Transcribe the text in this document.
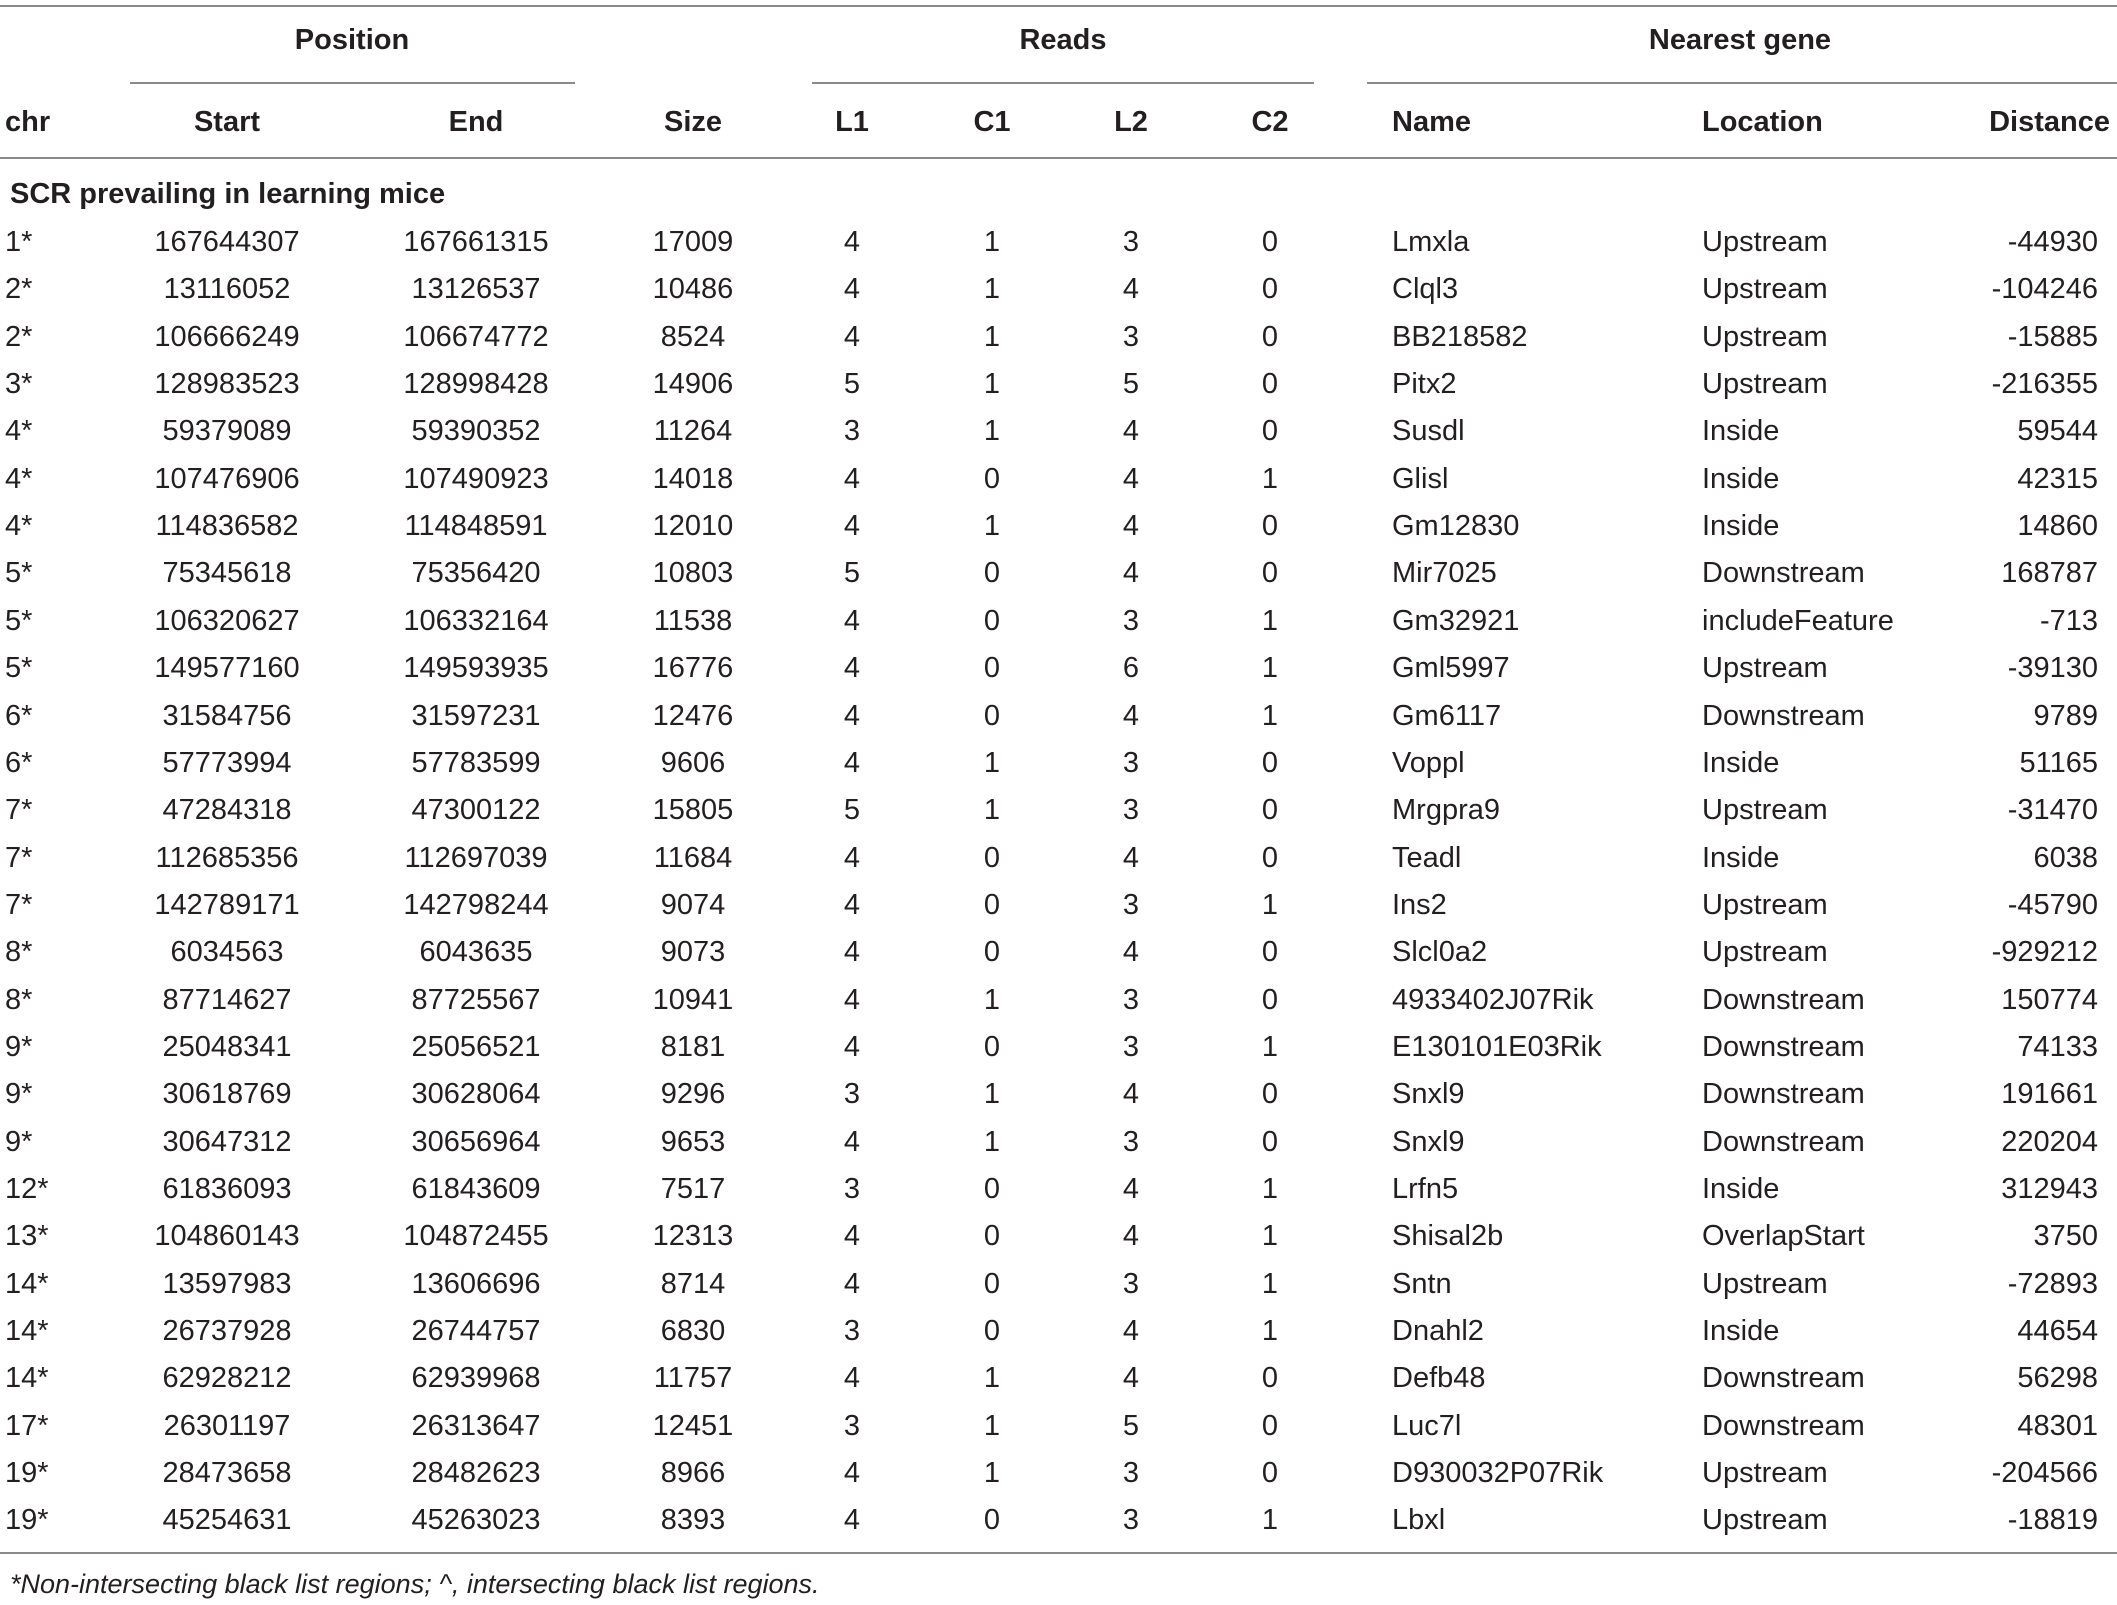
Position	Reads	Nearest gene
chr	Start	End	Size	L1	C1	L2	C2	Name	Location	Distance
SCR prevailing in learning mice
1*	167644307	167661315	17009	4	1	3	0	Lmxla	Upstream	-44930
2*	13116052	13126537	10486	4	1	4	0	Clql3	Upstream	-104246
2*	106666249	106674772	8524	4	1	3	0	BB218582	Upstream	-15885
3*	128983523	128998428	14906	5	1	5	0	Pitx2	Upstream	-216355
4*	59379089	59390352	11264	3	1	4	0	Susdl	Inside	59544
4*	107476906	107490923	14018	4	0	4	1	Glisl	Inside	42315
4*	114836582	114848591	12010	4	1	4	0	Gm12830	Inside	14860
5*	75345618	75356420	10803	5	0	4	0	Mir7025	Downstream	168787
5*	106320627	106332164	11538	4	0	3	1	Gm32921	includeFeature	-713
5*	149577160	149593935	16776	4	0	6	1	Gml5997	Upstream	-39130
6*	31584756	31597231	12476	4	0	4	1	Gm6117	Downstream	9789
6*	57773994	57783599	9606	4	1	3	0	Voppl	Inside	51165
7*	47284318	47300122	15805	5	1	3	0	Mrgpra9	Upstream	-31470
7*	112685356	112697039	11684	4	0	4	0	Teadl	Inside	6038
7*	142789171	142798244	9074	4	0	3	1	Ins2	Upstream	-45790
8*	6034563	6043635	9073	4	0	4	0	Slcl0a2	Upstream	-929212
8*	87714627	87725567	10941	4	1	3	0	4933402J07Rik	Downstream	150774
9*	25048341	25056521	8181	4	0	3	1	E130101E03Rik	Downstream	74133
9*	30618769	30628064	9296	3	1	4	0	Snxl9	Downstream	191661
9*	30647312	30656964	9653	4	1	3	0	Snxl9	Downstream	220204
12*	61836093	61843609	7517	3	0	4	1	Lrfn5	Inside	312943
13*	104860143	104872455	12313	4	0	4	1	Shisal2b	OverlapStart	3750
14*	13597983	13606696	8714	4	0	3	1	Sntn	Upstream	-72893
14*	26737928	26744757	6830	3	0	4	1	Dnahl2	Inside	44654
14*	62928212	62939968	11757	4	1	4	0	Defb48	Downstream	56298
17*	26301197	26313647	12451	3	1	5	0	Luc7l	Downstream	48301
19*	28473658	28482623	8966	4	1	3	0	D930032P07Rik	Upstream	-204566
19*	45254631	45263023	8393	4	0	3	1	Lbxl	Upstream	-18819
*Non-intersecting black list regions; ^, intersecting black list regions.
